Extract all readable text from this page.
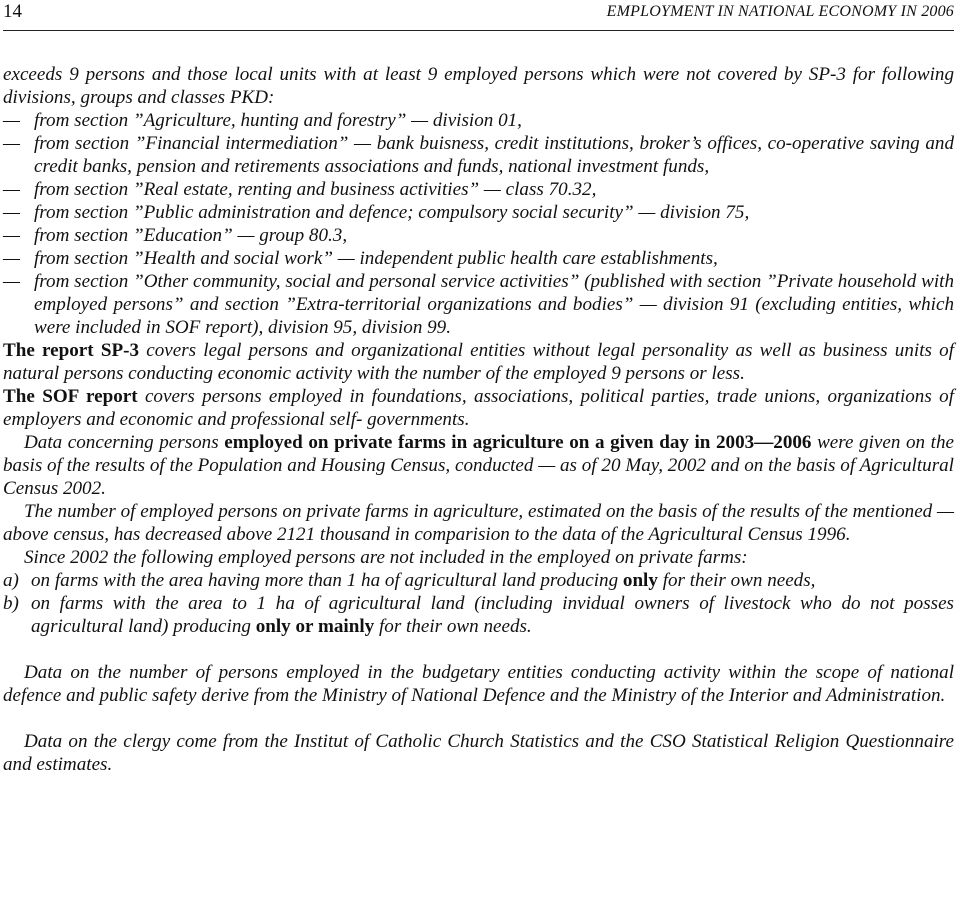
14	EMPLOYMENT IN NATIONAL ECONOMY IN 2006

exceeds 9 persons and those local units with at least 9 employed persons which were not covered by SP-3 for following divisions, groups and classes PKD:

— from section ”Agriculture, hunting and forestry” — division 01,
— from section ”Financial intermediation” — bank buisness, credit institutions, broker’s offices, co-operative saving and credit banks, pension and retirements associations and funds, national investment funds,
— from section ”Real estate, renting and business activities” — class 70.32,
— from section ”Public administration and defence; compulsory social security” — division 75,
— from section ”Education” — group 80.3,
— from section ”Health and social work” — independent public health care establishments,
— from section ”Other community, social and personal service activities” (published with section ”Private household with employed persons” and section ”Extra-territorial organizations and bodies” — division 91 (excluding entities, which were included in SOF report), division 95, division 99.

The report SP-3 covers legal persons and organizational entities without legal personality as well as business units of natural persons conducting economic activity with the number of the employed 9 persons or less.

The SOF report covers persons employed in foundations, associations, political parties, trade unions, organizations of employers and economic and professional self- governments.

Data concerning persons employed on private farms in agriculture on a given day in 2003—2006 were given on the basis of the results of the Population and Housing Census, conducted — as of 20 May, 2002 and on the basis of Agricultural Census 2002.

The number of employed persons on private farms in agriculture, estimated on the basis of the results of the mentioned — above census, has decreased above 2121 thousand in comparision to the data of the Agricultural Census 1996.

Since 2002 the following employed persons are not included in the employed on private farms:

a) on farms with the area having more than 1 ha of agricultural land producing only for their own needs,
b) on farms with the area to 1 ha of agricultural land (including invidual owners of livestock who do not posses agricultural land) producing only or mainly for their own needs.

Data on the number of persons employed in the budgetary entities conducting activity within the scope of national defence and public safety derive from the Ministry of National Defence and the Ministry of the Interior and Administration.

Data on the clergy come from the Institut of Catholic Church Statistics and the CSO Statistical Religion Questionnaire and estimates.
